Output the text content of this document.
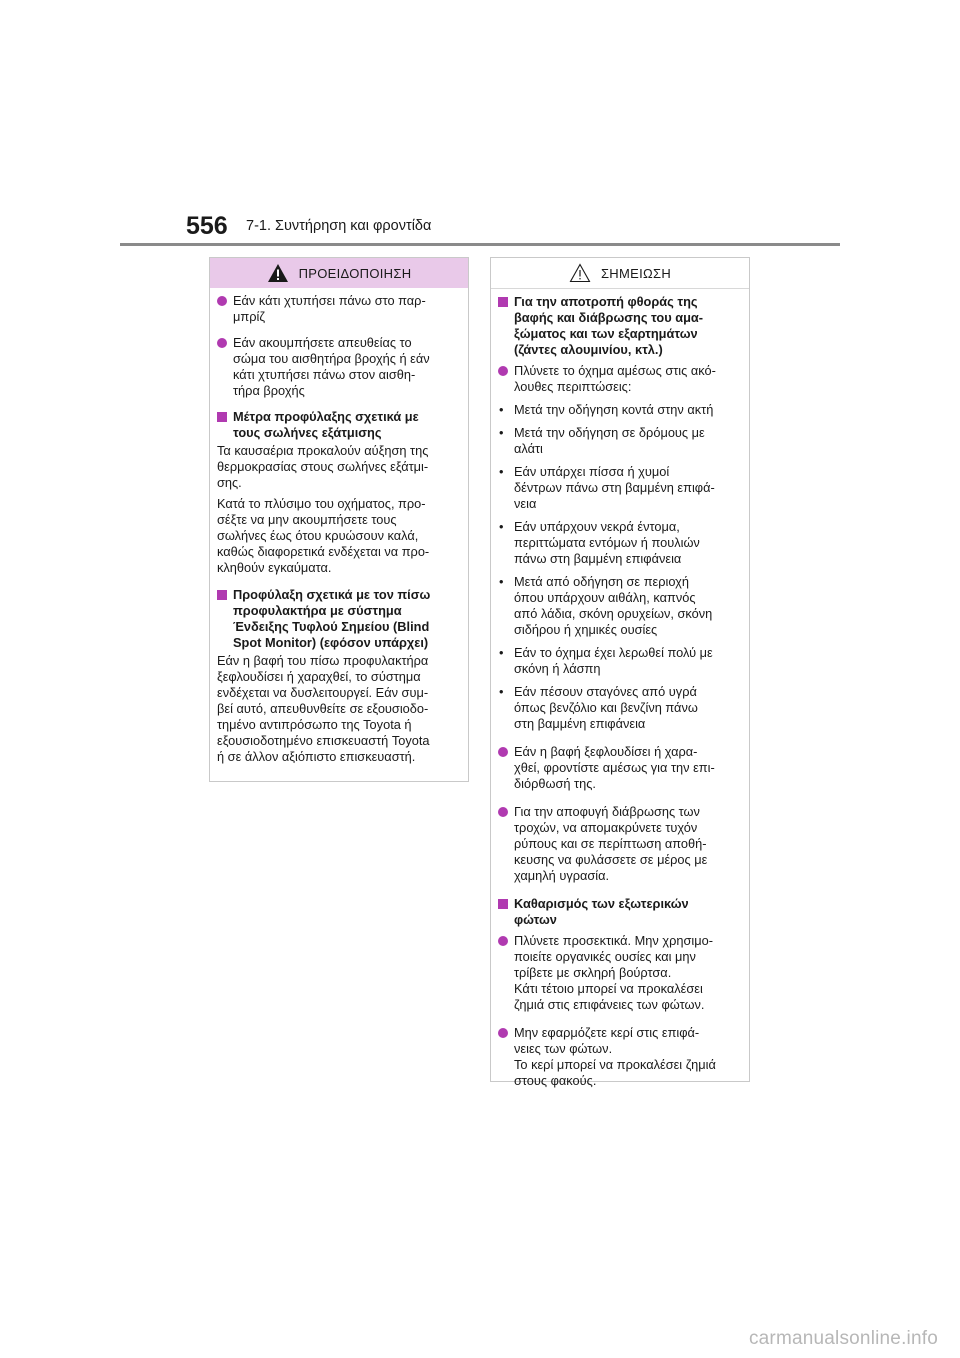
556 7-1. Συντήρηση και φροντίδα
ΠΡΟΕΙΔΟΠΟΙΗΣΗ
Εάν κάτι χτυπήσει πάνω στο παρ-
μπρίζ
Εάν ακουμπήσετε απευθείας το
σώμα του αισθητήρα βροχής ή εάν
κάτι χτυπήσει πάνω στον αισθη-
τήρα βροχής
Μέτρα προφύλαξης σχετικά με
τους σωλήνες εξάτμισης
Τα καυσαέρια προκαλούν αύξηση της
θερμοκρασίας στους σωλήνες εξάτμι-
σης.
Κατά το πλύσιμο του οχήματος, προ-
σέξτε να μην ακουμπήσετε τους
σωλήνες έως ότου κρυώσουν καλά,
καθώς διαφορετικά ενδέχεται να προ-
κληθούν εγκαύματα.
Προφύλαξη σχετικά με τον πίσω
προφυλακτήρα με σύστημα
Ένδειξης Τυφλού Σημείου (Blind
Spot Monitor) (εφόσον υπάρχει)
Εάν η βαφή του πίσω προφυλακτήρα
ξεφλουδίσει ή χαραχθεί, το σύστημα
ενδέχεται να δυσλειτουργεί. Εάν συμ-
βεί αυτό, απευθυνθείτε σε εξουσιοδο-
τημένο αντιπρόσωπο της Toyota ή
εξουσιοδοτημένο επισκευαστή Toyota
ή σε άλλον αξιόπιστο επισκευαστή.
ΣΗΜΕΙΩΣΗ
Για την αποτροπή φθοράς της
βαφής και διάβρωσης του αμα-
ξώματος και των εξαρτημάτων
(ζάντες αλουμινίου, κτλ.)
Πλύνετε το όχημα αμέσως στις ακό-
λουθες περιπτώσεις:
• Μετά την οδήγηση κοντά στην ακτή
• Μετά την οδήγηση σε δρόμους με
αλάτι
• Εάν υπάρχει πίσσα ή χυμοί
δέντρων πάνω στη βαμμένη επιφά-
νεια
• Εάν υπάρχουν νεκρά έντομα,
περιττώματα εντόμων ή πουλιών
πάνω στη βαμμένη επιφάνεια
• Μετά από οδήγηση σε περιοχή
όπου υπάρχουν αιθάλη, καπνός
από λάδια, σκόνη ορυχείων, σκόνη
σιδήρου ή χημικές ουσίες
• Εάν το όχημα έχει λερωθεί πολύ με
σκόνη ή λάσπη
• Εάν πέσουν σταγόνες από υγρά
όπως βενζόλιο και βενζίνη πάνω
στη βαμμένη επιφάνεια
Εάν η βαφή ξεφλουδίσει ή χαρα-
χθεί, φροντίστε αμέσως για την επι-
διόρθωσή της.
Για την αποφυγή διάβρωσης των
τροχών, να απομακρύνετε τυχόν
ρύπους και σε περίπτωση αποθή-
κευσης να φυλάσσετε σε μέρος με
χαμηλή υγρασία.
Καθαρισμός των εξωτερικών
φώτων
Πλύνετε προσεκτικά. Μην χρησιμο-
ποιείτε οργανικές ουσίες και μην
τρίβετε με σκληρή βούρτσα.
Κάτι τέτοιο μπορεί να προκαλέσει
ζημιά στις επιφάνειες των φώτων.
Μην εφαρμόζετε κερί στις επιφά-
νειες των φώτων.
Το κερί μπορεί να προκαλέσει ζημιά
στους φακούς.
carmanualsonline.info
